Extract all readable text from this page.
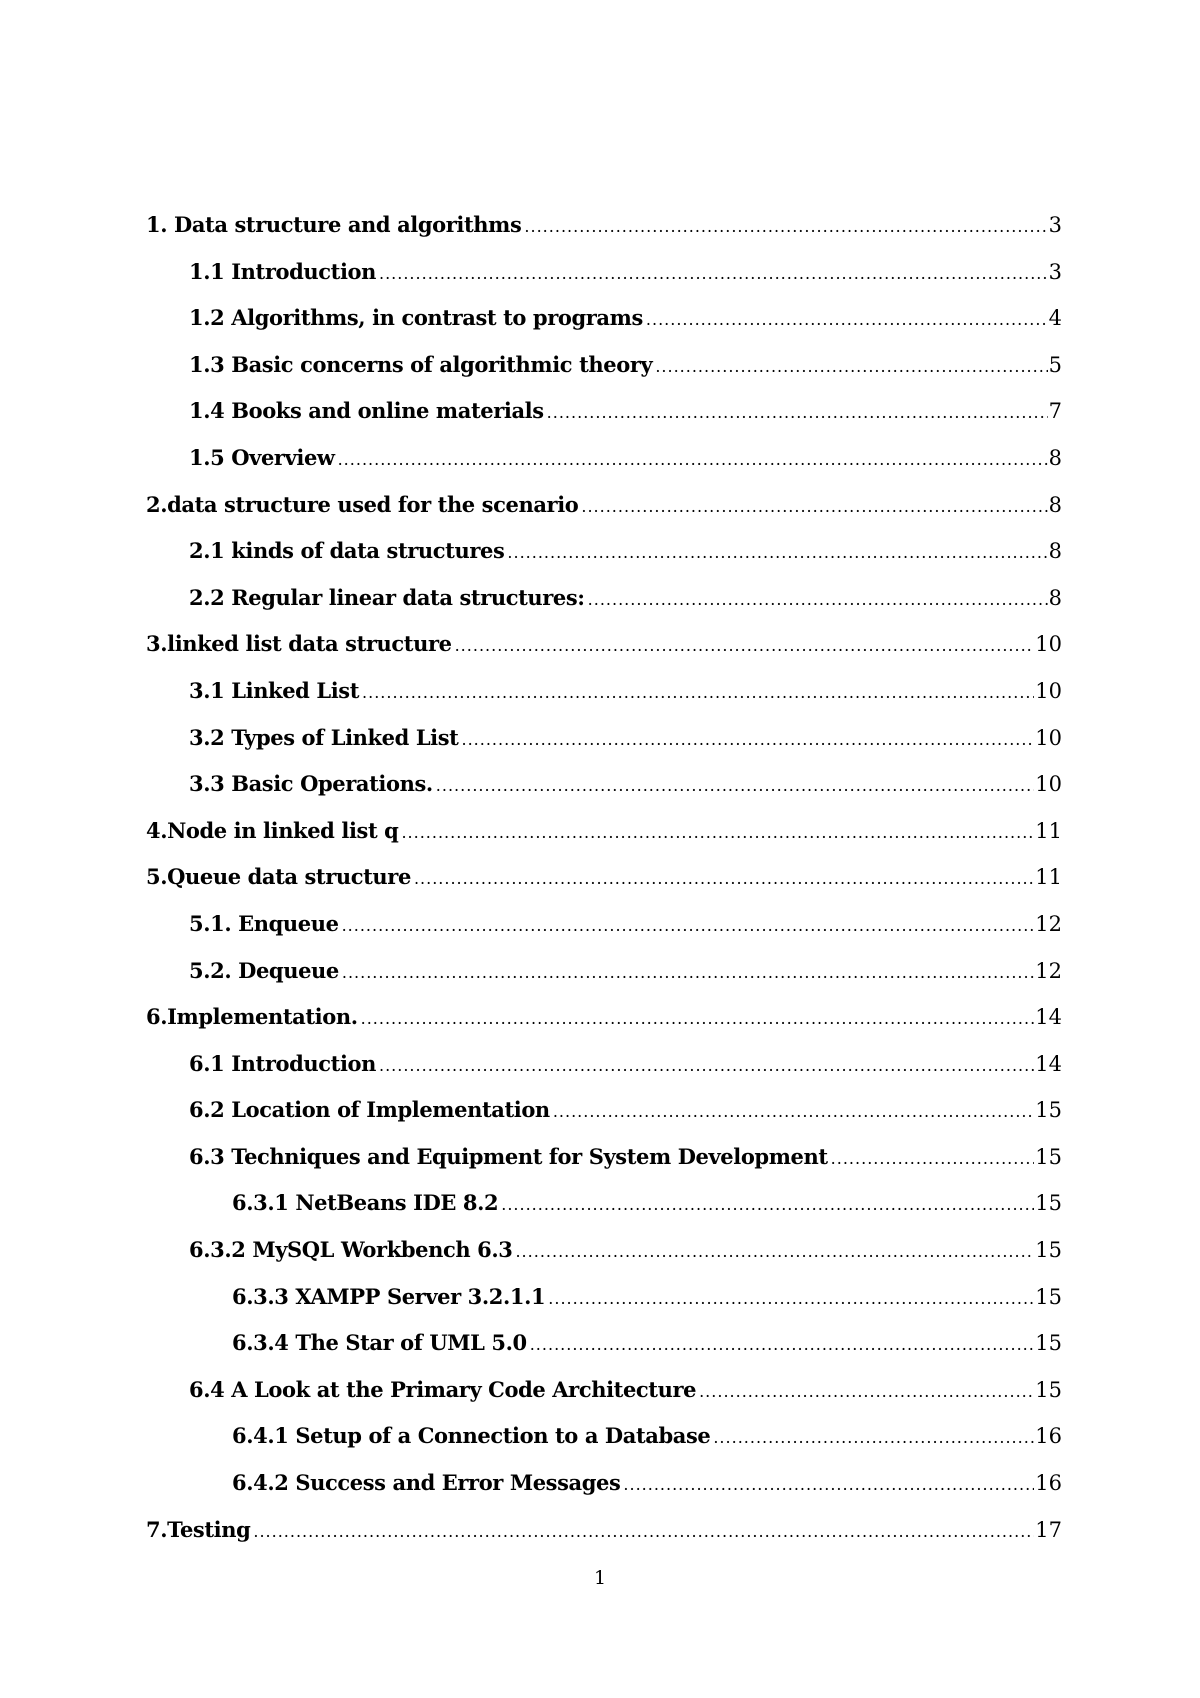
1. Data structure and algorithms .....	3
1.1 Introduction .....	3
1.2 Algorithms, in contrast to programs .....	4
1.3 Basic concerns of algorithmic theory .....	5
1.4 Books and online materials .....	7
1.5 Overview .....	8
2.data structure used for the scenario .....	8
2.1 kinds of data structures .....	8
2.2 Regular linear data structures: .....	8
3.linked list data structure .....	10
3.1 Linked List .....	10
3.2 Types of Linked List .....	10
3.3 Basic Operations. .....	10
4.Node in linked list q .....	11
5.Queue data structure .....	11
5.1. Enqueue .....	12
5.2. Dequeue .....	12
6.Implementation. .....	14
6.1 Introduction .....	14
6.2 Location of Implementation .....	15
6.3 Techniques and Equipment for System Development .....	15
6.3.1 NetBeans IDE 8.2 .....	15
6.3.2 MySQL Workbench 6.3 .....	15
6.3.3 XAMPP Server 3.2.1.1 .....	15
6.3.4 The Star of UML 5.0 .....	15
6.4 A Look at the Primary Code Architecture .....	15
6.4.1 Setup of a Connection to a Database .....	16
6.4.2 Success and Error Messages .....	16
7.Testing .....	17
1
